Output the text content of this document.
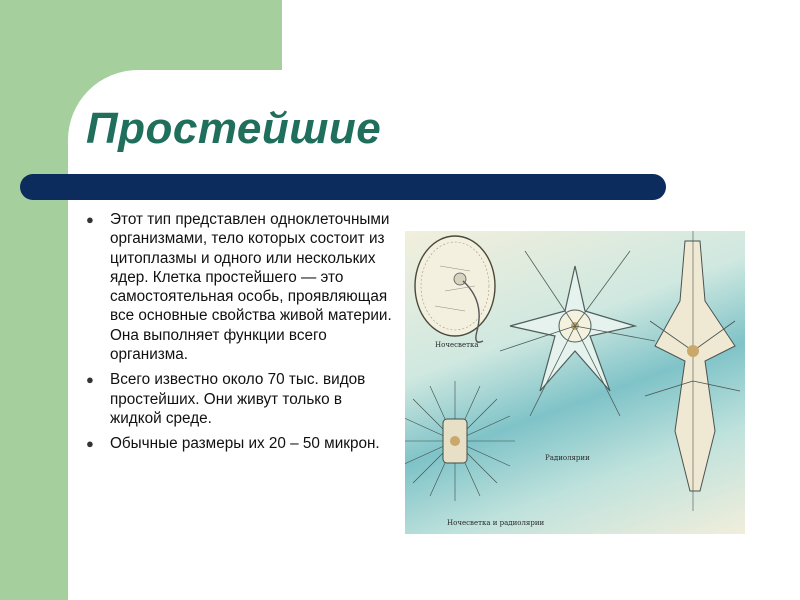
Простейшие
● Этот тип представлен одноклеточными организмами, тело которых состоит из цитоплазмы и одного или нескольких ядер. Клетка простейшего — это самостоятельная особь, проявляющая все основные свойства живой материи. Она выполняет функции всего организма.
● Всего известно около 70 тыс. видов простейших. Они живут только в жидкой среде.
● Обычные размеры их 20 – 50 микрон.
Ночесветка
Радиолярии
Ночесветка и радиолярии
